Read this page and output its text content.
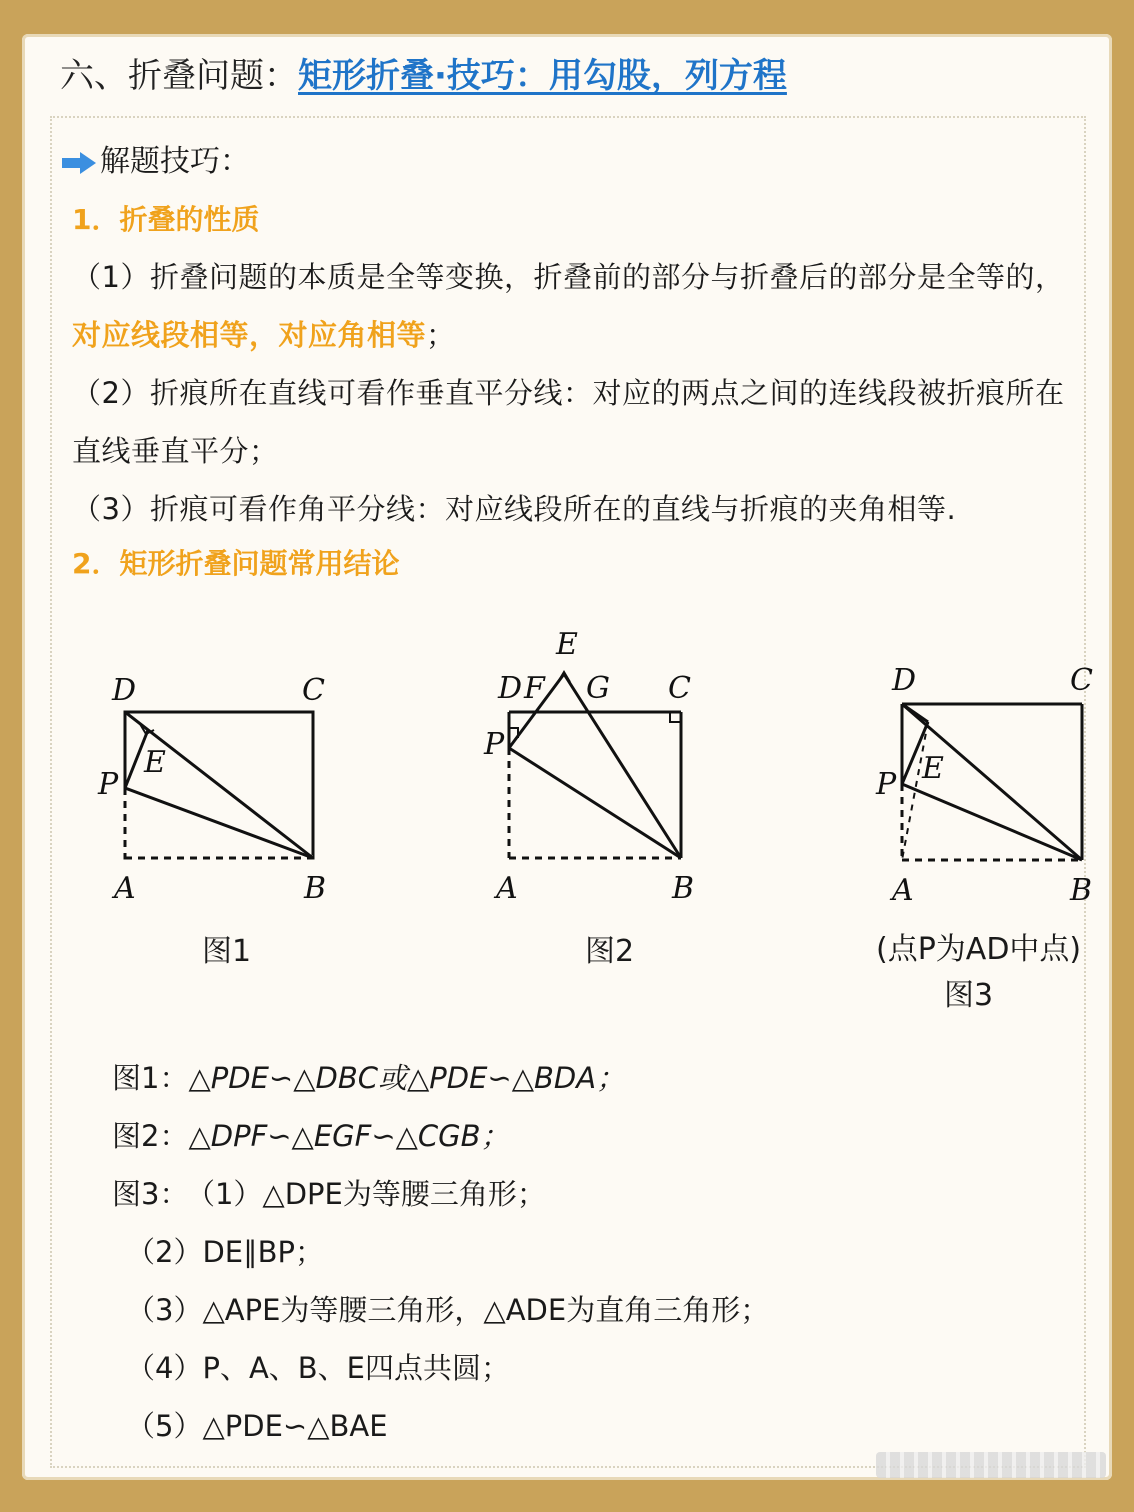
六、折叠问题：矩形折叠·技巧：用勾股，列方程
解题技巧：
1．折叠的性质
（1）折叠问题的本质是全等变换，折叠前的部分与折叠后的部分是全等的，对应线段相等，对应角相等；
（2）折痕所在直线可看作垂直平分线：对应的两点之间的连线段被折痕所在直线垂直平分；
（3）折痕可看作角平分线：对应线段所在的直线与折痕的夹角相等.
2．矩形折叠问题常用结论
D	C
P
E
A	B
图1
E
D F G C
P
A	B
图2
D	C
P E
A	B
(点P为AD中点)
图3
图1：△PDE∽△DBC或△PDE∽△BDA；
图2：△DPF∽△EGF∽△CGB；
图3： （1）△DPE为等腰三角形；
（2）DE∥BP；
（3）△APE为等腰三角形，△ADE为直角三角形；
（4）P、A、B、E四点共圆；
（5）△PDE∽△BAE
